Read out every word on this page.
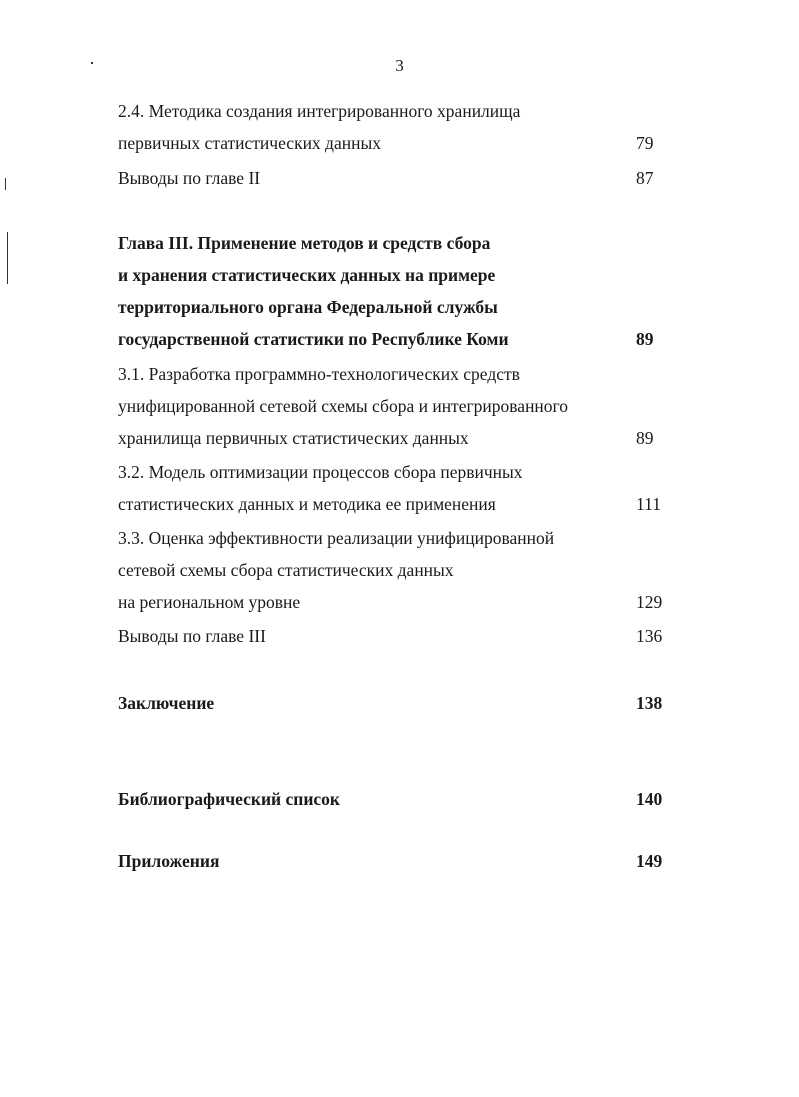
3
2.4. Методика создания интегрированного хранилища
первичных статистических данных	79
Выводы по главе II	87
Глава III. Применение методов и средств сбора
и хранения статистических данных на примере
территориального органа Федеральной службы
государственной статистики по Республике Коми	89
3.1. Разработка программно-технологических средств
унифицированной сетевой схемы сбора и интегрированного
хранилища первичных статистических данных	89
3.2. Модель оптимизации процессов сбора первичных
статистических данных и методика ее применения	111
3.3. Оценка эффективности реализации унифицированной
сетевой схемы сбора статистических данных
на региональном уровне	129
Выводы по главе III	136
Заключение	138
Библиографический список	140
Приложения	149
